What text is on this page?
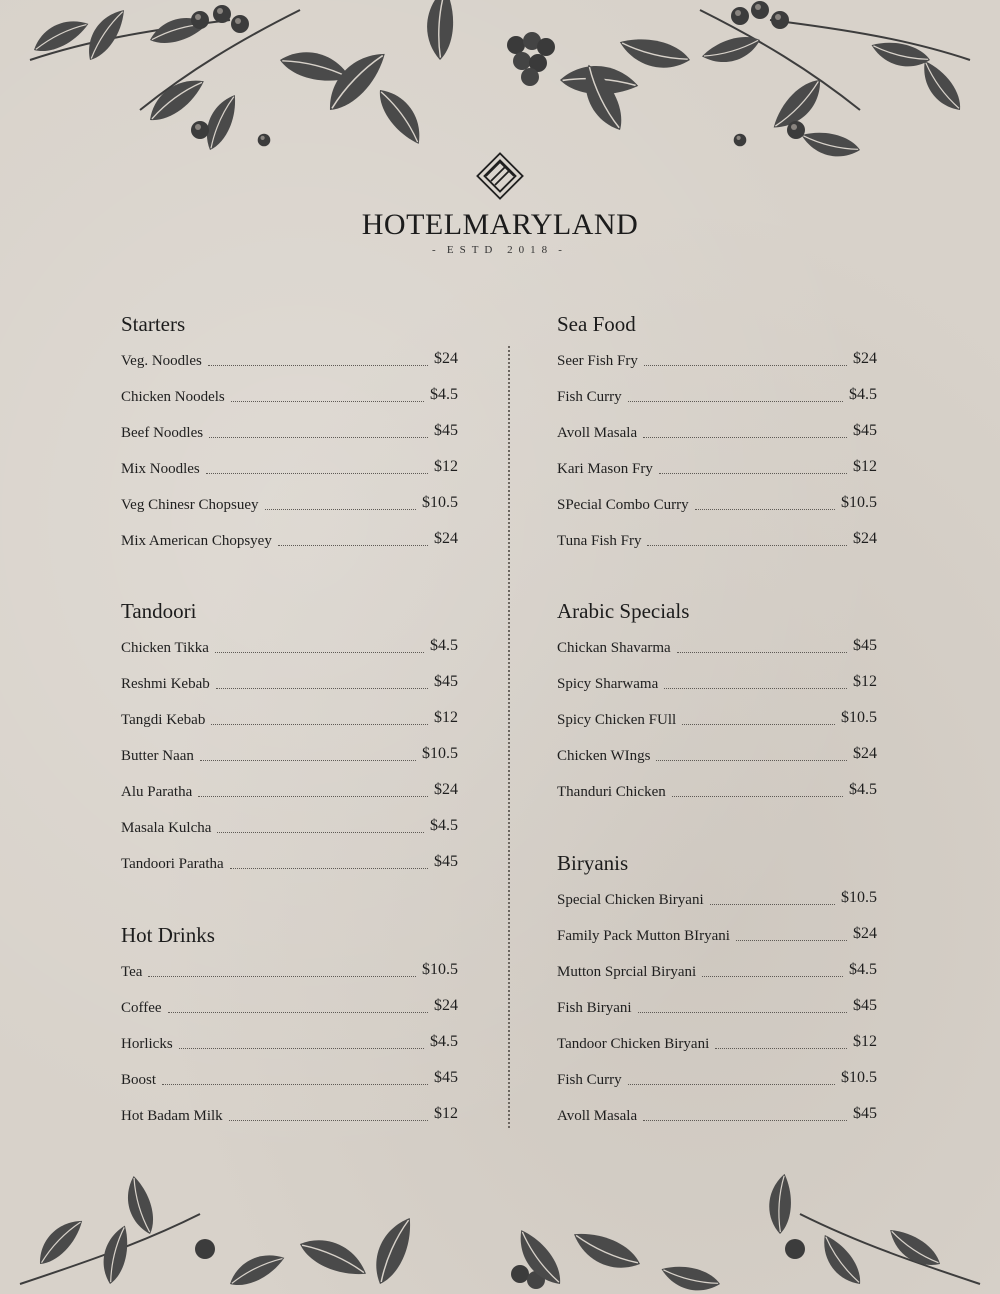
HOTELMARYLAND
- ESTD 2018 -
Starters
Veg. Noodles	$24
Chicken Noodels	$4.5
Beef Noodles	$45
Mix Noodles	$12
Veg Chinesr Chopsuey	$10.5
Mix American Chopsyey	$24
Tandoori
Chicken Tikka	$4.5
Reshmi Kebab	$45
Tangdi Kebab	$12
Butter Naan	$10.5
Alu Paratha	$24
Masala Kulcha	$4.5
Tandoori Paratha	$45
Hot Drinks
Tea	$10.5
Coffee	$24
Horlicks	$4.5
Boost	$45
Hot Badam Milk	$12
Sea Food
Seer Fish Fry	$24
Fish Curry	$4.5
Avoll Masala	$45
Kari Mason Fry	$12
SPecial Combo Curry	$10.5
Tuna Fish Fry	$24
Arabic Specials
Chickan Shavarma	$45
Spicy Sharwama	$12
Spicy Chicken FUll	$10.5
Chicken WIngs	$24
Thanduri Chicken	$4.5
Biryanis
Special Chicken Biryani	$10.5
Family Pack Mutton BIryani	$24
Mutton Sprcial Biryani	$4.5
Fish Biryani	$45
Tandoor Chicken Biryani	$12
Fish Curry	$10.5
Avoll Masala	$45
